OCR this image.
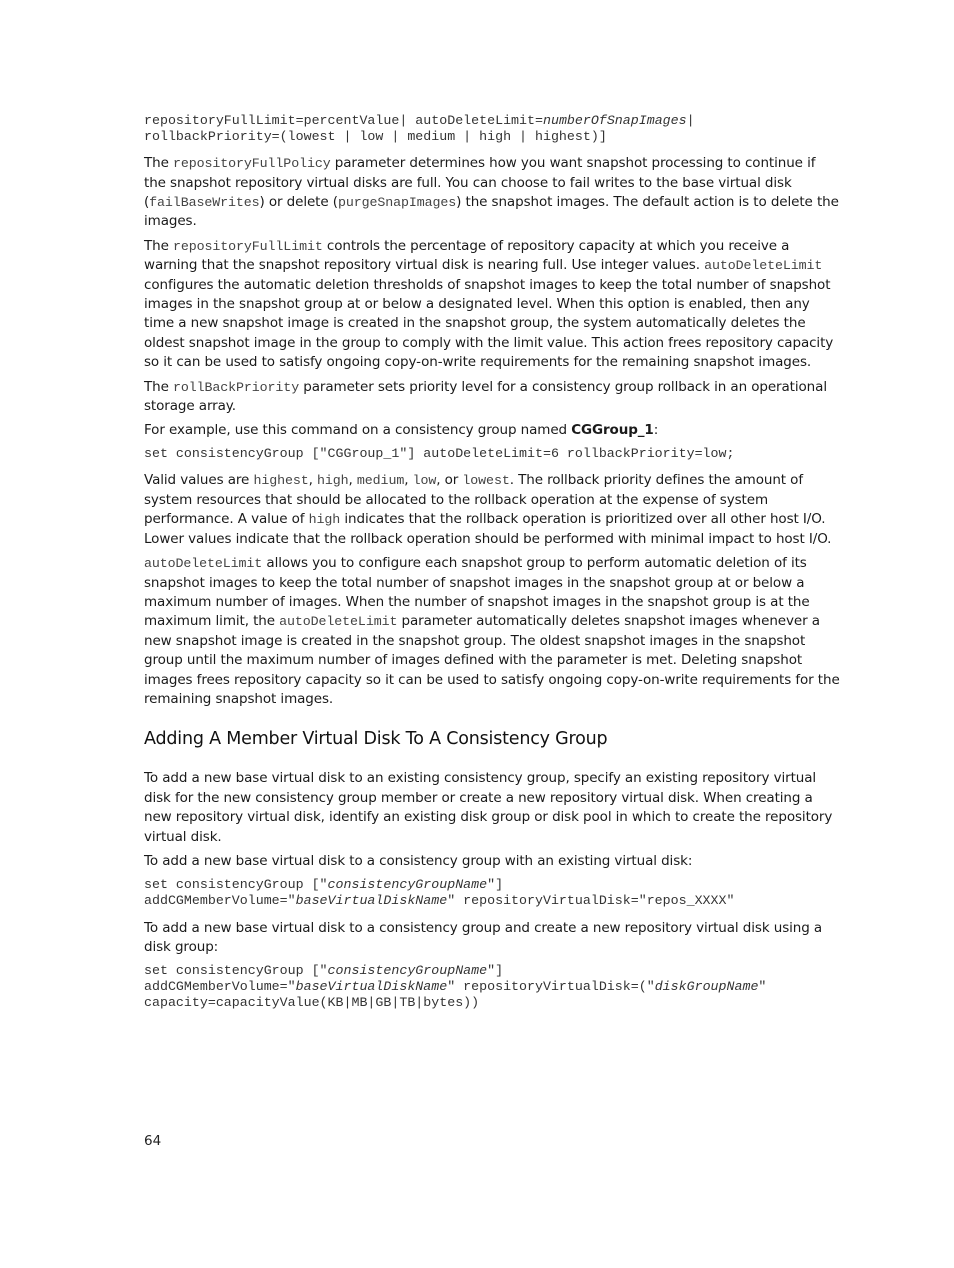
repositoryFullLimit=percentValue| autoDeleteLimit=numberOfSnapImages|
rollbackPriority=(lowest | low | medium | high | highest)]

The repositoryFullPolicy parameter determines how you want snapshot processing to continue if the snapshot repository virtual disks are full. You can choose to fail writes to the base virtual disk (failBaseWrites) or delete (purgeSnapImages) the snapshot images. The default action is to delete the images.

The repositoryFullLimit controls the percentage of repository capacity at which you receive a warning that the snapshot repository virtual disk is nearing full. Use integer values. autoDeleteLimit configures the automatic deletion thresholds of snapshot images to keep the total number of snapshot images in the snapshot group at or below a designated level. When this option is enabled, then any time a new snapshot image is created in the snapshot group, the system automatically deletes the oldest snapshot image in the group to comply with the limit value. This action frees repository capacity so it can be used to satisfy ongoing copy-on-write requirements for the remaining snapshot images.

The rollBackPriority parameter sets priority level for a consistency group rollback in an operational storage array.

For example, use this command on a consistency group named CGGroup_1:

set consistencyGroup ["CGGroup_1"] autoDeleteLimit=6 rollbackPriority=low;

Valid values are highest, high, medium, low, or lowest. The rollback priority defines the amount of system resources that should be allocated to the rollback operation at the expense of system performance. A value of high indicates that the rollback operation is prioritized over all other host I/O. Lower values indicate that the rollback operation should be performed with minimal impact to host I/O.

autoDeleteLimit allows you to configure each snapshot group to perform automatic deletion of its snapshot images to keep the total number of snapshot images in the snapshot group at or below a maximum number of images. When the number of snapshot images in the snapshot group is at the maximum limit, the autoDeleteLimit parameter automatically deletes snapshot images whenever a new snapshot image is created in the snapshot group. The oldest snapshot images in the snapshot group until the maximum number of images defined with the parameter is met. Deleting snapshot images frees repository capacity so it can be used to satisfy ongoing copy-on-write requirements for the remaining snapshot images.

Adding A Member Virtual Disk To A Consistency Group

To add a new base virtual disk to an existing consistency group, specify an existing repository virtual disk for the new consistency group member or create a new repository virtual disk. When creating a new repository virtual disk, identify an existing disk group or disk pool in which to create the repository virtual disk.

To add a new base virtual disk to a consistency group with an existing virtual disk:

set consistencyGroup ["consistencyGroupName"]
addCGMemberVolume="baseVirtualDiskName" repositoryVirtualDisk="repos_XXXX"

To add a new base virtual disk to a consistency group and create a new repository virtual disk using a disk group:

set consistencyGroup ["consistencyGroupName"]
addCGMemberVolume="baseVirtualDiskName" repositoryVirtualDisk=("diskGroupName"
capacity=capacityValue(KB|MB|GB|TB|bytes))
64
